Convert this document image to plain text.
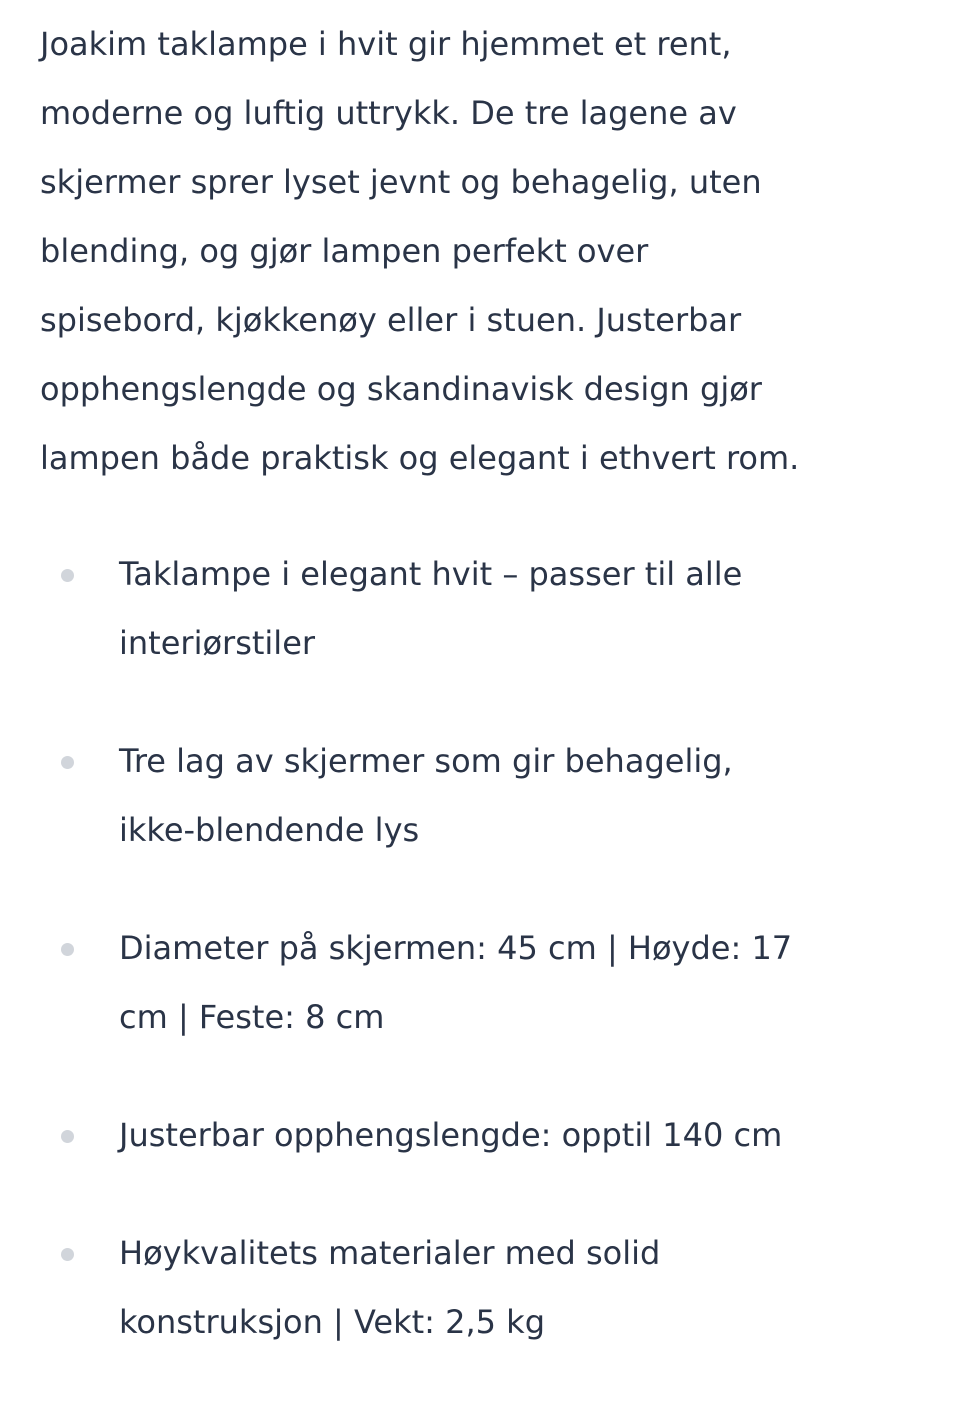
Joakim taklampe i hvit gir hjemmet et rent,
moderne og luftig uttrykk. De tre lagene av
skjermer sprer lyset jevnt og behagelig, uten
blending, og gjør lampen perfekt over
spisebord, kjøkkenøy eller i stuen. Justerbar
opphengslengde og skandinavisk design gjør
lampen både praktisk og elegant i ethvert rom.
Taklampe i elegant hvit – passer til alle
interiørstiler
Tre lag av skjermer som gir behagelig,
ikke-blendende lys
Diameter på skjermen: 45 cm | Høyde: 17
cm | Feste: 8 cm
Justerbar opphengslengde: opptil 140 cm
Høykvalitets materialer med solid
konstruksjon | Vekt: 2,5 kg
